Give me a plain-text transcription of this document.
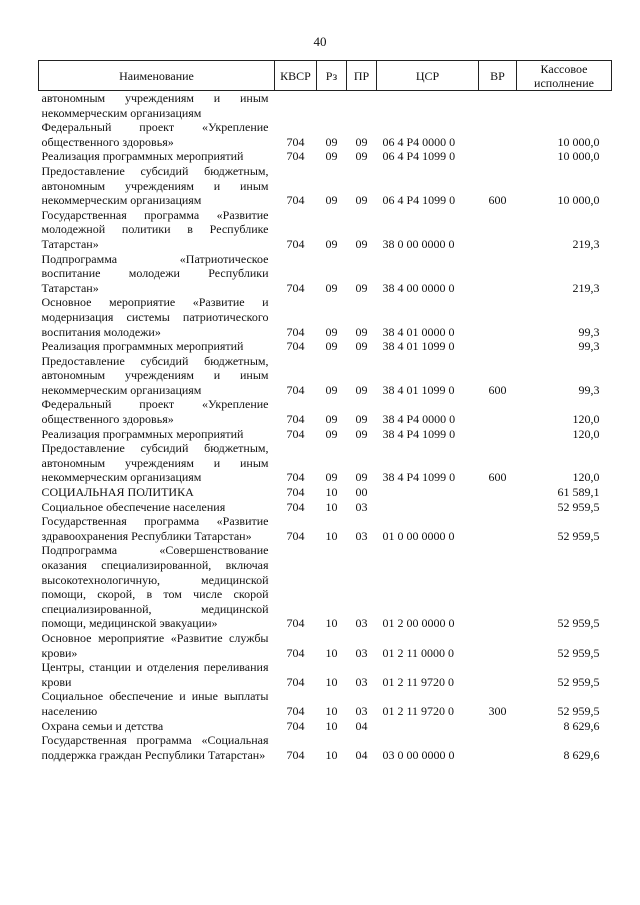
40
Наименование	КВСР	Рз	ПР	ЦСР	ВР	Кассовое исполнение
автономным учреждениям и иным некоммерческим организациям						
Федеральный проект «Укрепление общественного здоровья»	704	09	09	06 4 Р4 0000 0		10 000,0
Реализация программных мероприятий	704	09	09	06 4 Р4 1099 0		10 000,0
Предоставление субсидий бюджетным, автономным учреждениям и иным некоммерческим организациям	704	09	09	06 4 Р4 1099 0	600	10 000,0
Государственная программа «Развитие молодежной политики в Республике Татарстан»	704	09	09	38 0 00 0000 0		219,3
Подпрограмма «Патриотическое воспитание молодежи Республики Татарстан»	704	09	09	38 4 00 0000 0		219,3
Основное мероприятие «Развитие и модернизация системы патриотического воспитания молодежи»	704	09	09	38 4 01 0000 0		99,3
Реализация программных мероприятий	704	09	09	38 4 01 1099 0		99,3
Предоставление субсидий бюджетным, автономным учреждениям и иным некоммерческим организациям	704	09	09	38 4 01 1099 0	600	99,3
Федеральный проект «Укрепление общественного здоровья»	704	09	09	38 4 Р4 0000 0		120,0
Реализация программных мероприятий	704	09	09	38 4 Р4 1099 0		120,0
Предоставление субсидий бюджетным, автономным учреждениям и иным некоммерческим организациям	704	09	09	38 4 Р4 1099 0	600	120,0
СОЦИАЛЬНАЯ ПОЛИТИКА	704	10	00			61 589,1
Социальное обеспечение населения	704	10	03			52 959,5
Государственная программа «Развитие здравоохранения Республики Татарстан»	704	10	03	01 0 00 0000 0		52 959,5
Подпрограмма «Совершенствование оказания специализированной, включая высокотехнологичную, медицинской помощи, скорой, в том числе скорой специализированной, медицинской помощи, медицинской эвакуации»	704	10	03	01 2 00 0000 0		52 959,5
Основное мероприятие «Развитие службы крови»	704	10	03	01 2 11 0000 0		52 959,5
Центры, станции и отделения переливания крови	704	10	03	01 2 11 9720 0		52 959,5
Социальное обеспечение и иные выплаты населению	704	10	03	01 2 11 9720 0	300	52 959,5
Охрана семьи и детства	704	10	04			8 629,6
Государственная программа «Социальная поддержка граждан Республики Татарстан»	704	10	04	03 0 00 0000 0		8 629,6
